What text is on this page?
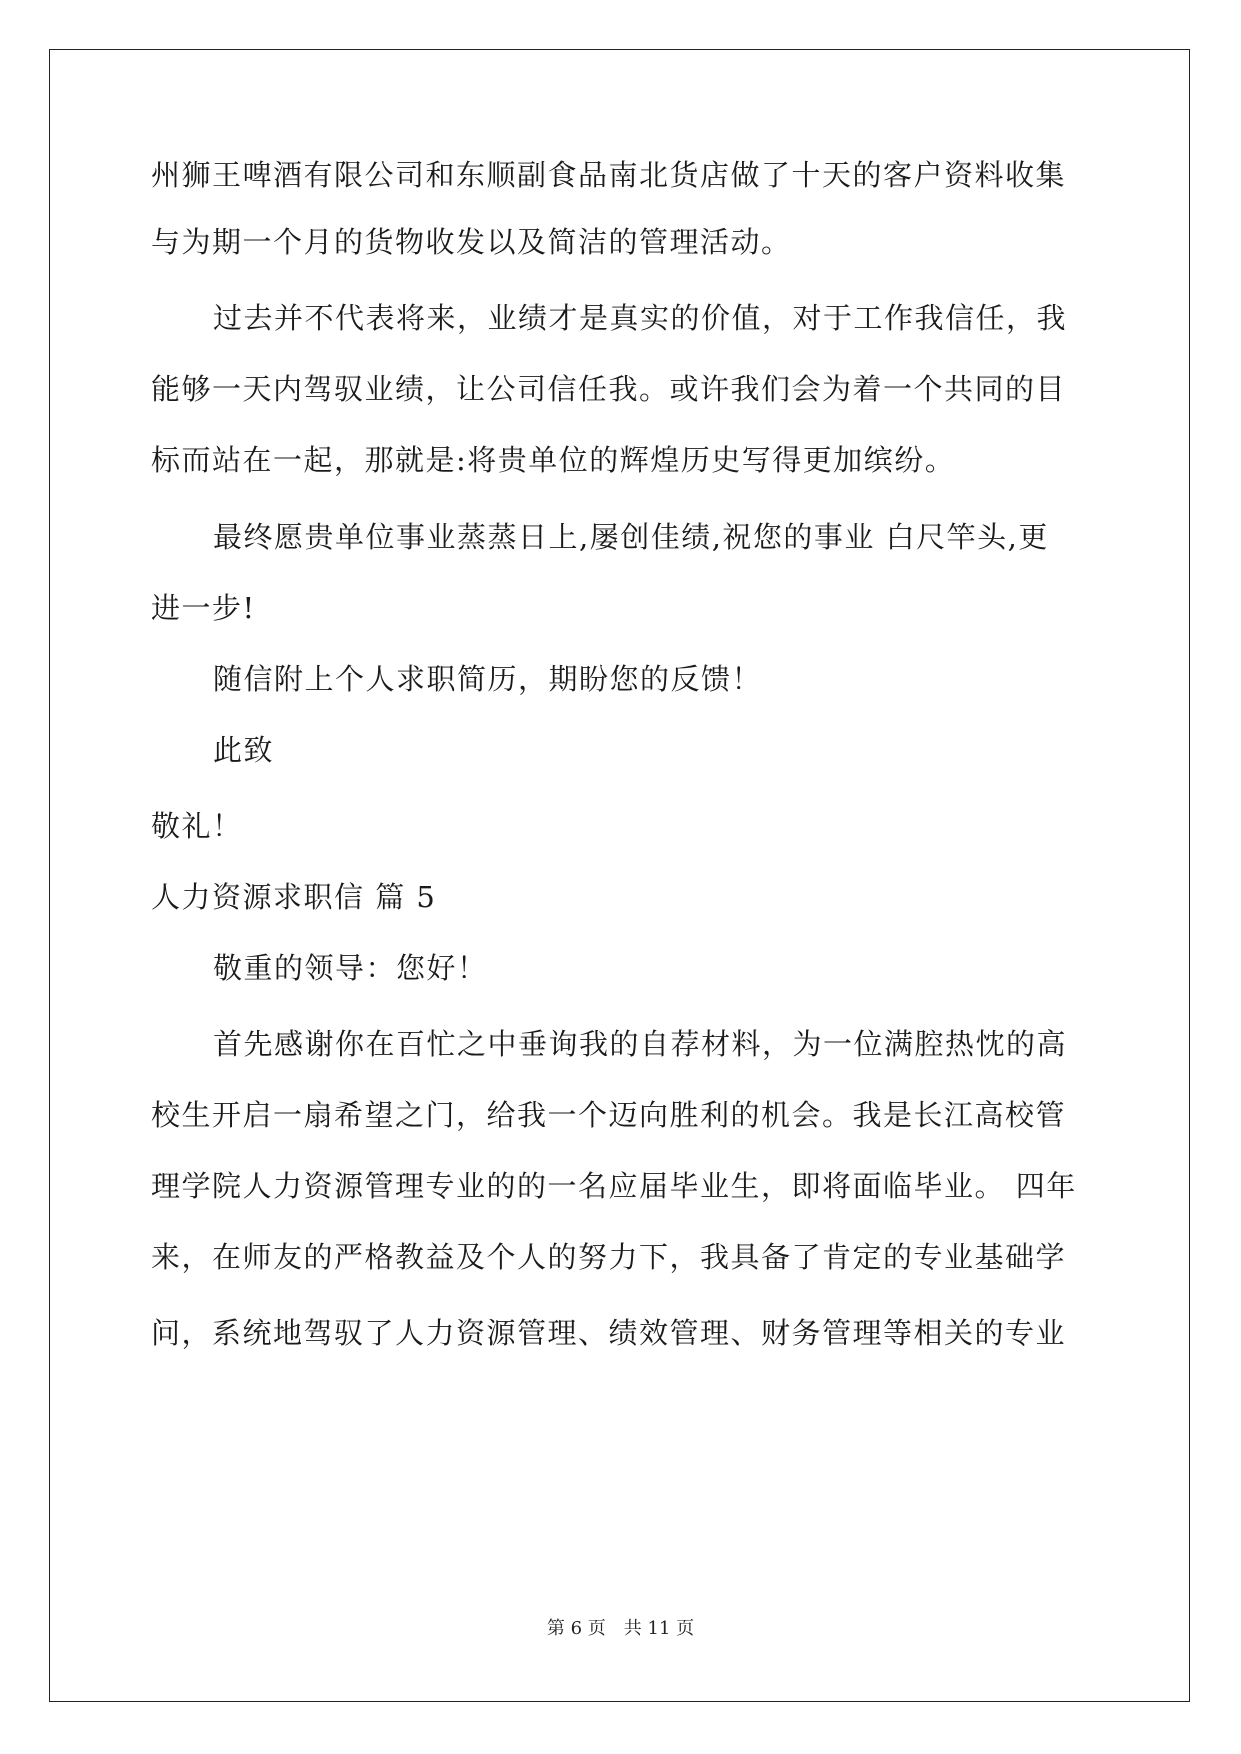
州狮王啤酒有限公司和东顺副食品南北货店做了十天的客户资料收集
与为期一个月的货物收发以及简洁的管理活动。
过去并不代表将来，业绩才是真实的价值，对于工作我信任，我
能够一天内驾驭业绩，让公司信任我。或许我们会为着一个共同的目
标而站在一起，那就是:将贵单位的辉煌历史写得更加缤纷。
最终愿贵单位事业蒸蒸日上,屡创佳绩,祝您的事业 白尺竿头,更
进一步!
随信附上个人求职简历，期盼您的反馈！
此致
敬礼！
人力资源求职信 篇 5
敬重的领导：您好！
首先感谢你在百忙之中垂询我的自荐材料，为一位满腔热忱的高
校生开启一扇希望之门，给我一个迈向胜利的机会。我是长江高校管
理学院人力资源管理专业的的一名应届毕业生，即将面临毕业。 四年
来，在师友的严格教益及个人的努力下，我具备了肯定的专业基础学
问，系统地驾驭了人力资源管理、绩效管理、财务管理等相关的专业
第 6 页　共 11 页
